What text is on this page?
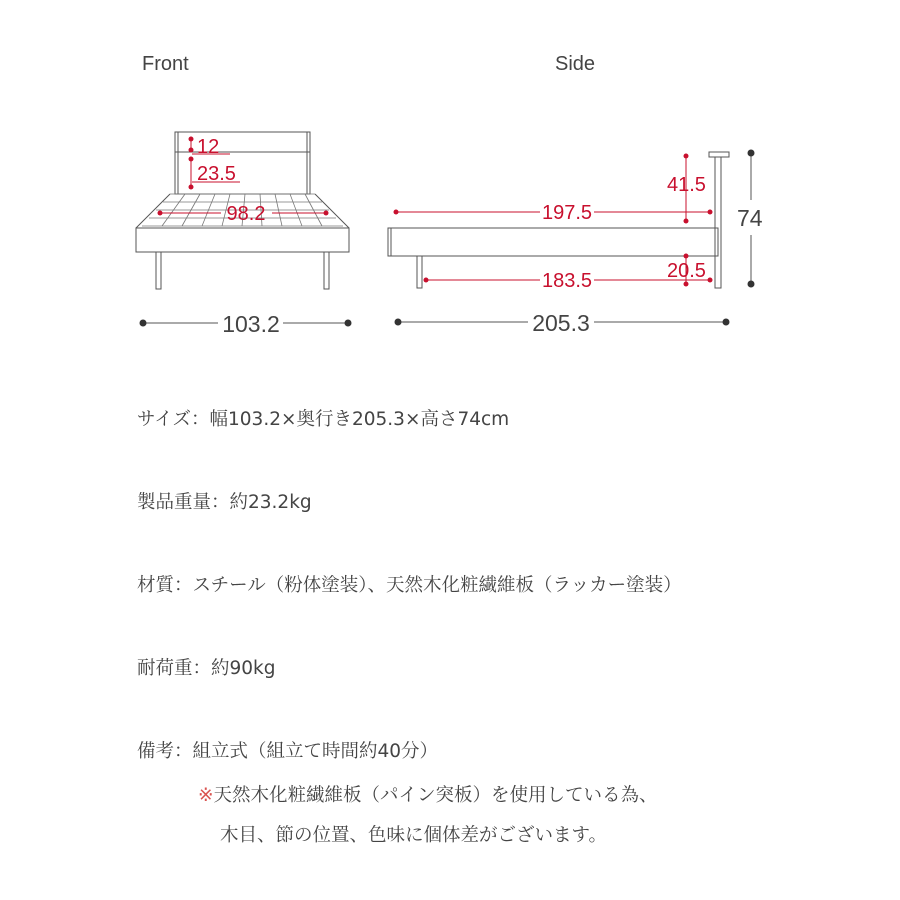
Front	Side
12
23.5
98.2
103.2
41.5
197.5
20.5
183.5
74
205.3
サイズ：幅103.2×奥行き205.3×高さ74cm
製品重量：約23.2kg
材質：スチール（粉体塗装）、天然木化粧繊維板（ラッカー塗装）
耐荷重：約90kg
備考：組立式（組立て時間約40分）
※天然木化粧繊維板（パイン突板）を使用している為、
木目、節の位置、色味に個体差がございます。
